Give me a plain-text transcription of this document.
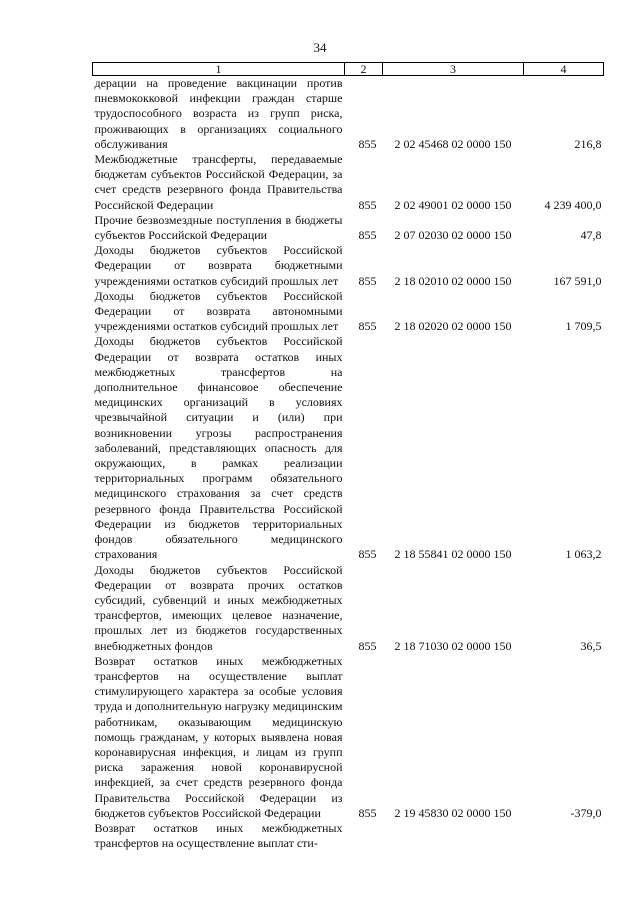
34
1	2	3	4
дерации на проведение вакцинации против пневмококковой инфекции граждан старше трудоспособного возраста из групп риска, проживающих в организациях социального обслуживания	855	2 02 45468 02 0000 150	216,8
Межбюджетные трансферты, передаваемые бюджетам субъектов Российской Федерации, за счет средств резервного фонда Правительства Российской Федерации	855	2 02 49001 02 0000 150	4 239 400,0
Прочие безвозмездные поступления в бюджеты субъектов Российской Федерации	855	2 07 02030 02 0000 150	47,8
Доходы бюджетов субъектов Российской Федерации от возврата бюджетными учреждениями остатков субсидий прошлых лет	855	2 18 02010 02 0000 150	167 591,0
Доходы бюджетов субъектов Российской Федерации от возврата автономными учреждениями остатков субсидий прошлых лет	855	2 18 02020 02 0000 150	1 709,5
Доходы бюджетов субъектов Российской Федерации от возврата остатков иных межбюджетных трансфертов на дополнительное финансовое обеспечение медицинских организаций в условиях чрезвычайной ситуации и (или) при возникновении угрозы распространения заболеваний, представляющих опасность для окружающих, в рамках реализации территориальных программ обязательного медицинского страхования за счет средств резервного фонда Правительства Российской Федерации из бюджетов территориальных фондов обязательного медицинского страхования	855	2 18 55841 02 0000 150	1 063,2
Доходы бюджетов субъектов Российской Федерации от возврата прочих остатков субсидий, субвенций и иных межбюджетных трансфертов, имеющих целевое назначение, прошлых лет из бюджетов государственных внебюджетных фондов	855	2 18 71030 02 0000 150	36,5
Возврат остатков иных межбюджетных трансфертов на осуществление выплат стимулирующего характера за особые условия труда и дополнительную нагрузку медицинским работникам, оказывающим медицинскую помощь гражданам, у которых выявлена новая коронавирусная инфекция, и лицам из групп риска заражения новой коронавирусной инфекцией, за счет средств резервного фонда Правительства Российской Федерации из бюджетов субъектов Российской Федерации	855	2 19 45830 02 0000 150	-379,0
Возврат остатков иных межбюджетных трансфертов на осуществление выплат сти-			
